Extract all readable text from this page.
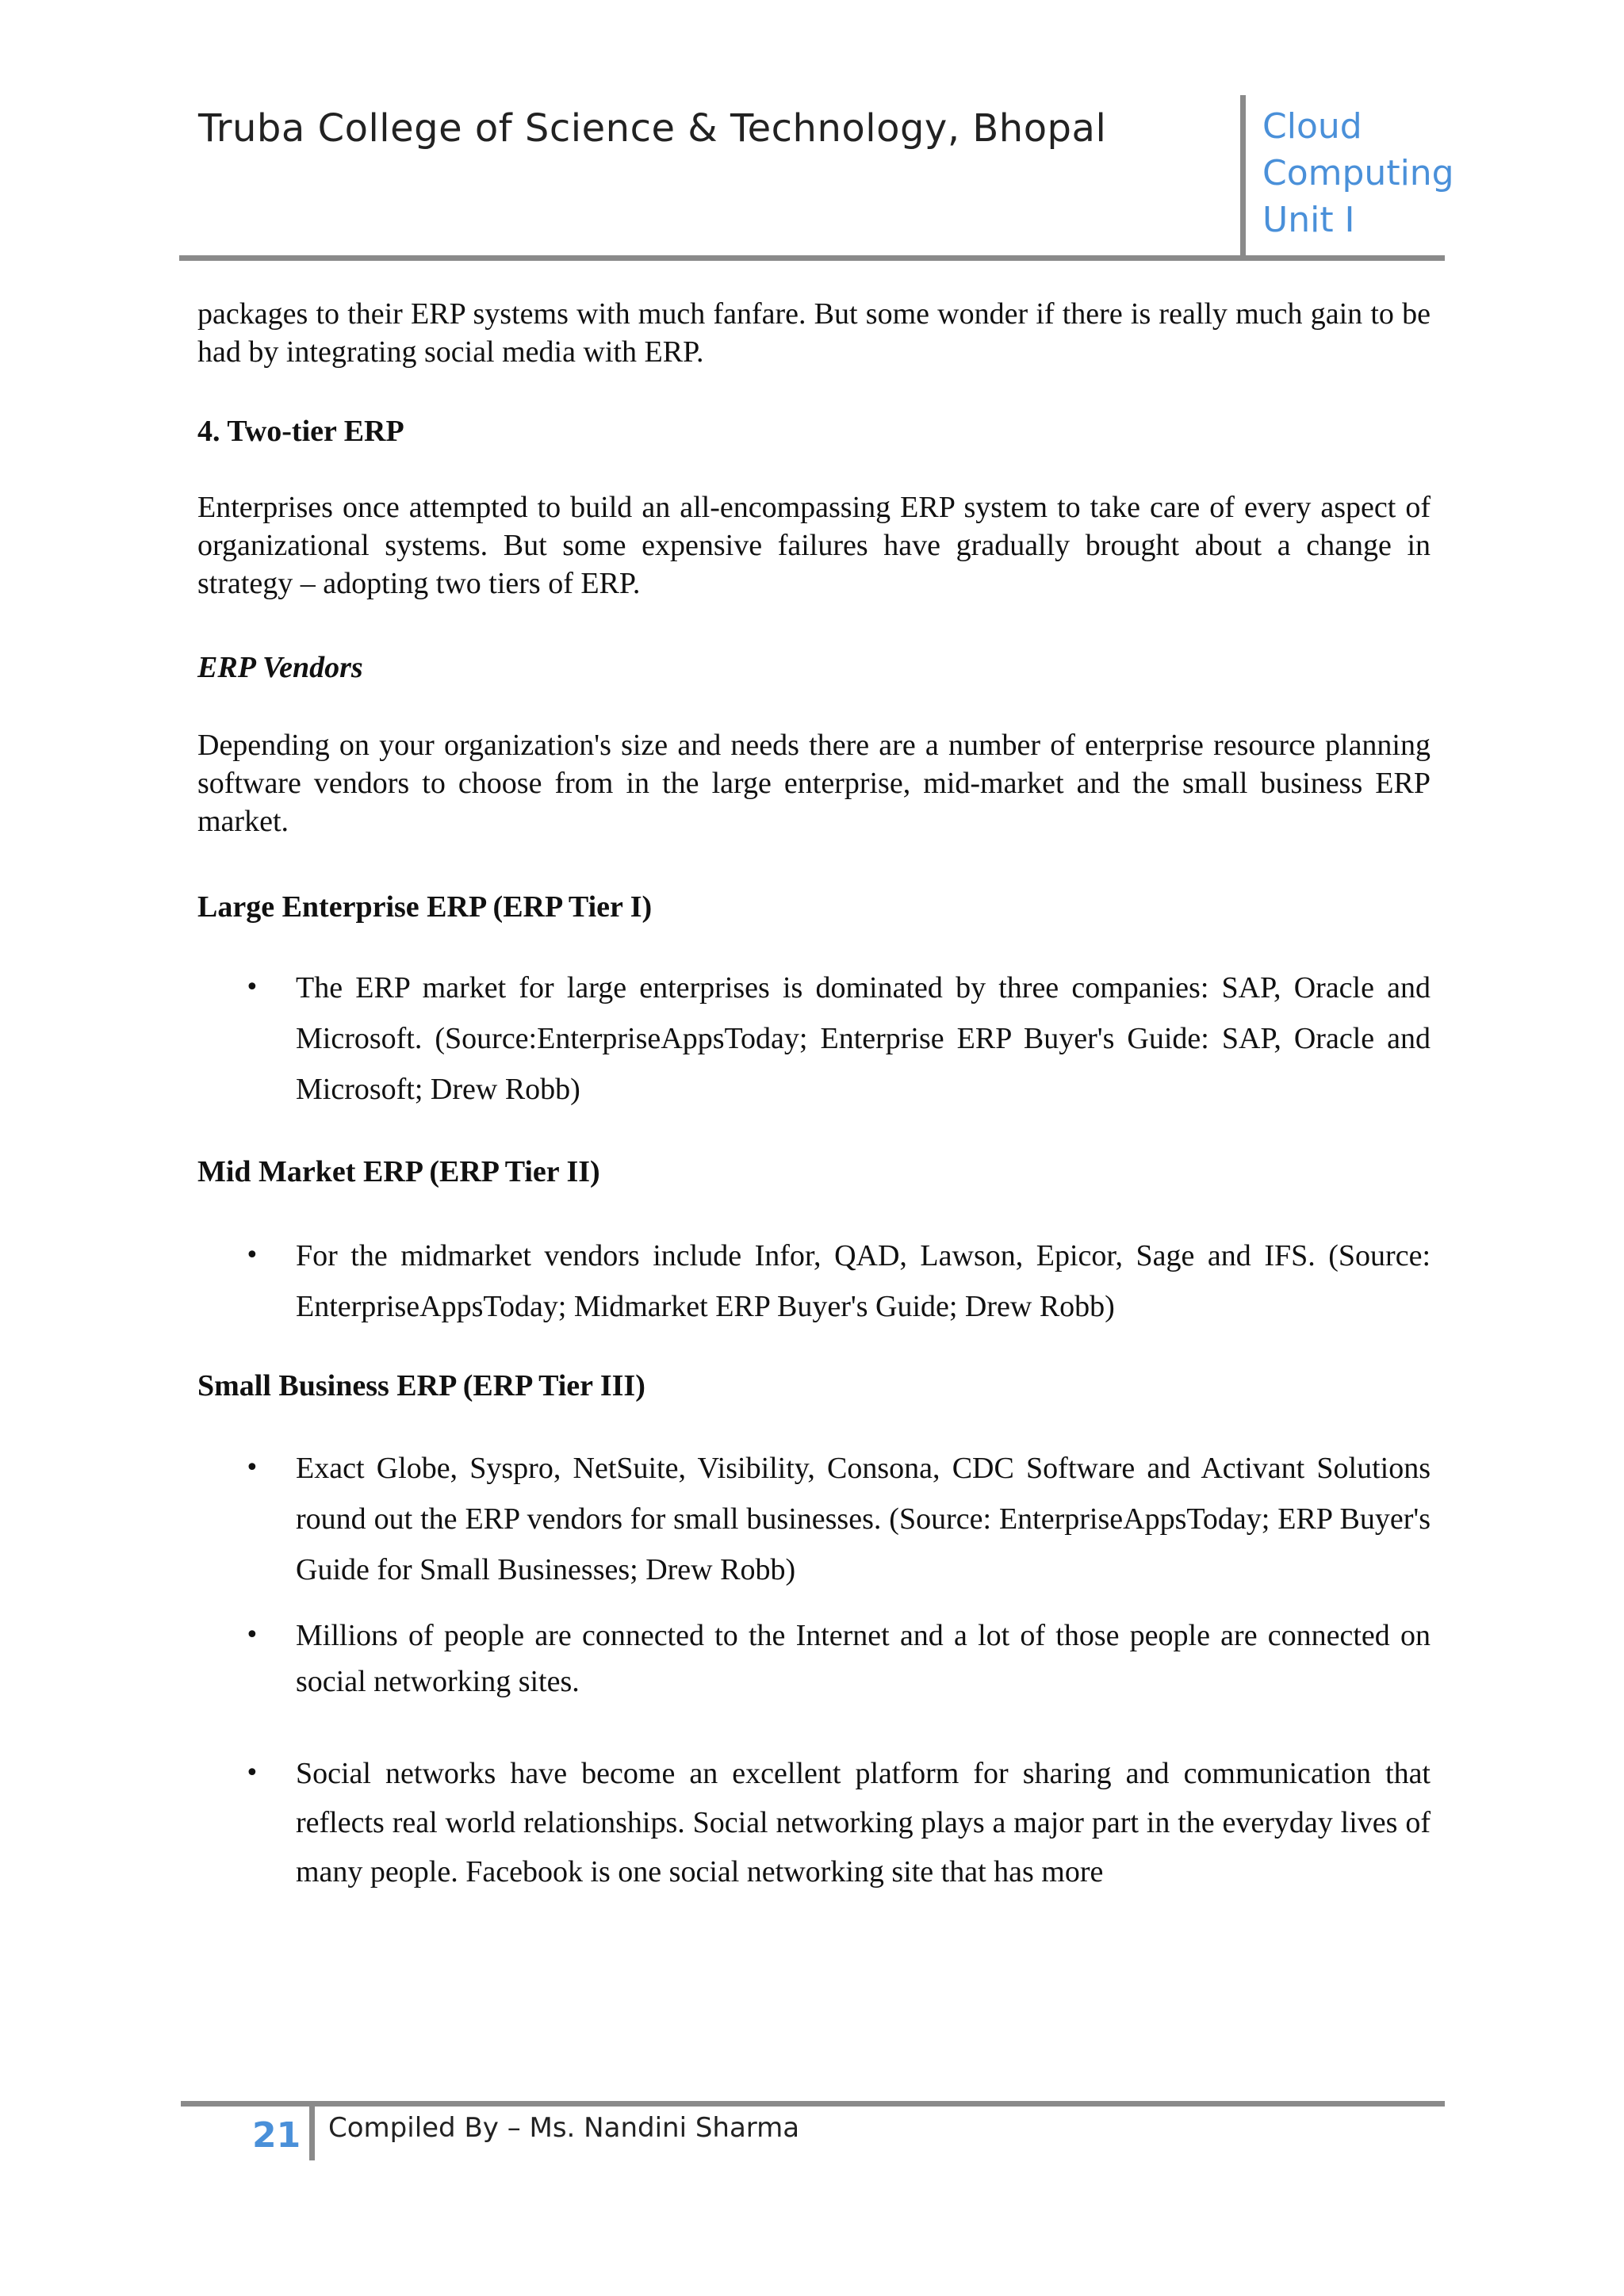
Truba College of Science & Technology, Bhopal	Cloud
Computing
Unit I

packages to their ERP systems with much fanfare. But some wonder if there is really much gain to be had by integrating social media with ERP.

4. Two-tier ERP

Enterprises once attempted to build an all-encompassing ERP system to take care of every aspect of organizational systems. But some expensive failures have gradually brought about a change in strategy – adopting two tiers of ERP.

ERP Vendors

Depending on your organization's size and needs there are a number of enterprise resource planning software vendors to choose from in the large enterprise, mid-market and the small business ERP market.

Large Enterprise ERP (ERP Tier I)

• The ERP market for large enterprises is dominated by three companies: SAP, Oracle and Microsoft. (Source:EnterpriseAppsToday; Enterprise ERP Buyer's Guide: SAP, Oracle and Microsoft; Drew Robb)

Mid Market ERP (ERP Tier II)

• For the midmarket vendors include Infor, QAD, Lawson, Epicor, Sage and IFS. (Source: EnterpriseAppsToday; Midmarket ERP Buyer's Guide; Drew Robb)

Small Business ERP (ERP Tier III)

• Exact Globe, Syspro, NetSuite, Visibility, Consona, CDC Software and Activant Solutions round out the ERP vendors for small businesses. (Source: EnterpriseAppsToday; ERP Buyer's Guide for Small Businesses; Drew Robb)
• Millions of people are connected to the Internet and a lot of those people are connected on social networking sites.
• Social networks have become an excellent platform for sharing and communication that reflects real world relationships. Social networking plays a major part in the everyday lives of many people. Facebook is one social networking site that has more
21 Compiled By – Ms. Nandini Sharma
